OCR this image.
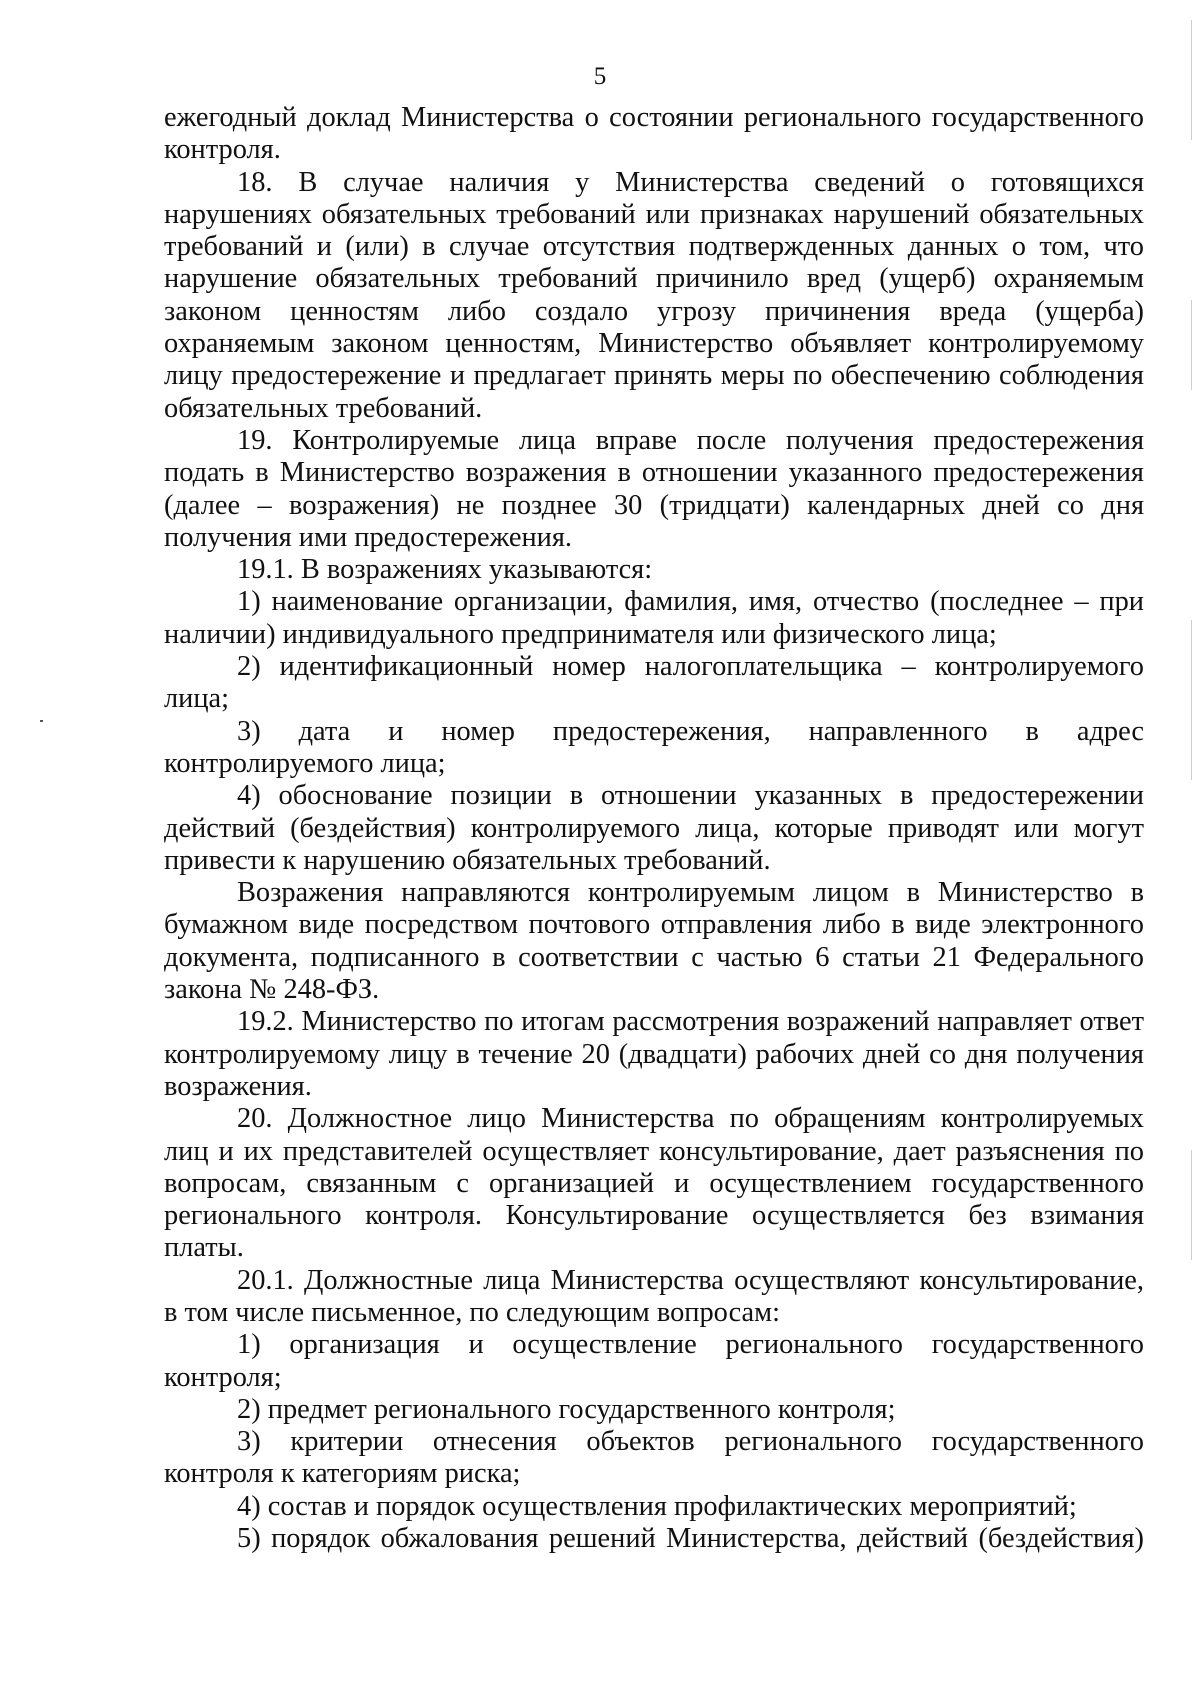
5

ежегодный доклад Министерства о состоянии регионального государственного контроля.

18. В случае наличия у Министерства сведений о готовящихся нарушениях обязательных требований или признаках нарушений обязательных требований и (или) в случае отсутствия подтвержденных данных о том, что нарушение обязательных требований причинило вред (ущерб) охраняемым законом ценностям либо создало угрозу причинения вреда (ущерба) охраняемым законом ценностям, Министерство объявляет контролируемому лицу предостережение и предлагает принять меры по обеспечению соблюдения обязательных требований.

19. Контролируемые лица вправе после получения предостережения подать в Министерство возражения в отношении указанного предостережения (далее – возражения) не позднее 30 (тридцати) календарных дней со дня получения ими предостережения.

19.1. В возражениях указываются:

1) наименование организации, фамилия, имя, отчество (последнее – при наличии) индивидуального предпринимателя или физического лица;

2) идентификационный номер налогоплательщика – контролируемого лица;

3) дата и номер предостережения, направленного в адрес контролируемого лица;

4) обоснование позиции в отношении указанных в предостережении действий (бездействия) контролируемого лица, которые приводят или могут привести к нарушению обязательных требований.

Возражения направляются контролируемым лицом в Министерство в бумажном виде посредством почтового отправления либо в виде электронного документа, подписанного в соответствии с частью 6 статьи 21 Федерального закона № 248-ФЗ.

19.2. Министерство по итогам рассмотрения возражений направляет ответ контролируемому лицу в течение 20 (двадцати) рабочих дней со дня получения возражения.

20. Должностное лицо Министерства по обращениям контролируемых лиц и их представителей осуществляет консультирование, дает разъяснения по вопросам, связанным с организацией и осуществлением государственного регионального контроля. Консультирование осуществляется без взимания платы.

20.1. Должностные лица Министерства осуществляют консультирование, в том числе письменное, по следующим вопросам:

1) организация и осуществление регионального государственного контроля;

2) предмет регионального государственного контроля;

3) критерии отнесения объектов регионального государственного контроля к категориям риска;

4) состав и порядок осуществления профилактических мероприятий;

5) порядок обжалования решений Министерства, действий (бездействия)
